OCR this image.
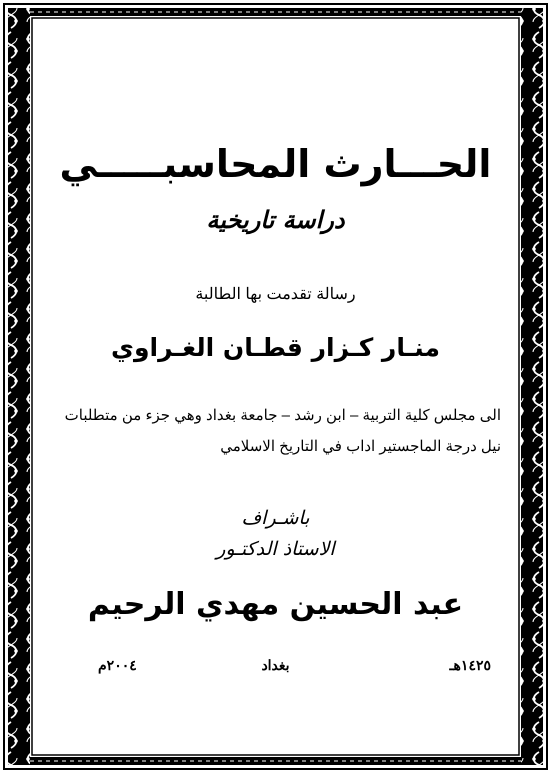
الحـــارث المحاسبـــــي
دراسة تاريخية
رسالة تقدمت بها الطالبة
منـار كـزار قطـان الغـراوي
الى مجلس كلية التربية – ابن رشد – جامعة بغداد وهي جزء من متطلبات نيل درجة الماجستير اداب في التاريخ الاسلامي
باشـراف
الاستاذ الدكتـور
عبد الحسين مهدي الرحيم
١٤٢٥هـ
بغداد
٢٠٠٤م
